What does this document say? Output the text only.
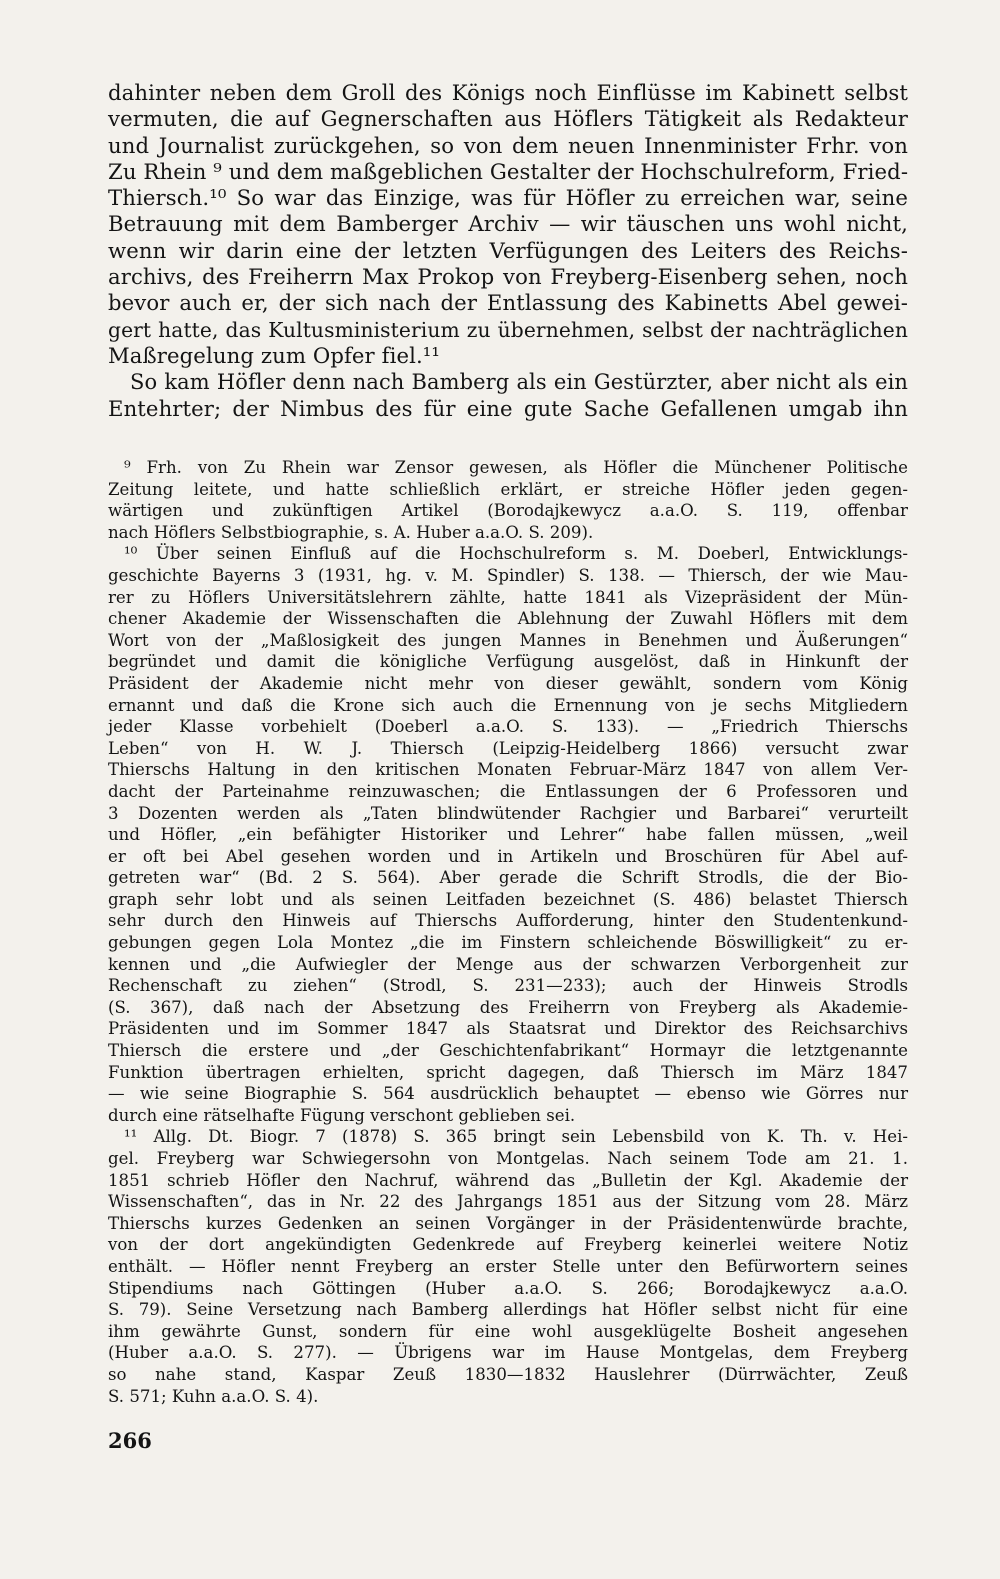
dahinter neben dem Groll des Königs noch Einflüsse im Kabinett selbst
vermuten, die auf Gegnerschaften aus Höflers Tätigkeit als Redakteur
und Journalist zurückgehen, so von dem neuen Innenminister Frhr. von
Zu Rhein ⁹ und dem maßgeblichen Gestalter der Hochschulreform, Fried-
Thiersch.¹⁰ So war das Einzige, was für Höfler zu erreichen war, seine
Betrauung mit dem Bamberger Archiv — wir täuschen uns wohl nicht,
wenn wir darin eine der letzten Verfügungen des Leiters des Reichs-
archivs, des Freiherrn Max Prokop von Freyberg-Eisenberg sehen, noch
bevor auch er, der sich nach der Entlassung des Kabinetts Abel gewei-
gert hatte, das Kultusministerium zu übernehmen, selbst der nachträglichen
Maßregelung zum Opfer fiel.¹¹
So kam Höfler denn nach Bamberg als ein Gestürzter, aber nicht als ein
Entehrter; der Nimbus des für eine gute Sache Gefallenen umgab ihn
⁹ Frh. von Zu Rhein war Zensor gewesen, als Höfler die Münchener Politische
Zeitung leitete, und hatte schließlich erklärt, er streiche Höfler jeden gegen-
wärtigen und zukünftigen Artikel (Borodajkewycz a.a.O. S. 119, offenbar
nach Höflers Selbstbiographie, s. A. Huber a.a.O. S. 209).
¹⁰ Über seinen Einfluß auf die Hochschulreform s. M. Doeberl, Entwicklungs-
geschichte Bayerns 3 (1931, hg. v. M. Spindler) S. 138. — Thiersch, der wie Mau-
rer zu Höflers Universitätslehrern zählte, hatte 1841 als Vizepräsident der Mün-
chener Akademie der Wissenschaften die Ablehnung der Zuwahl Höflers mit dem
Wort von der „Maßlosigkeit des jungen Mannes in Benehmen und Äußerungen“
begründet und damit die königliche Verfügung ausgelöst, daß in Hinkunft der
Präsident der Akademie nicht mehr von dieser gewählt, sondern vom König
ernannt und daß die Krone sich auch die Ernennung von je sechs Mitgliedern
jeder Klasse vorbehielt (Doeberl a.a.O. S. 133). — „Friedrich Thierschs
Leben“ von H. W. J. Thiersch (Leipzig-Heidelberg 1866) versucht zwar
Thierschs Haltung in den kritischen Monaten Februar-März 1847 von allem Ver-
dacht der Parteinahme reinzuwaschen; die Entlassungen der 6 Professoren und
3 Dozenten werden als „Taten blindwütender Rachgier und Barbarei“ verurteilt
und Höfler, „ein befähigter Historiker und Lehrer“ habe fallen müssen, „weil
er oft bei Abel gesehen worden und in Artikeln und Broschüren für Abel auf-
getreten war“ (Bd. 2 S. 564). Aber gerade die Schrift Strodls, die der Bio-
graph sehr lobt und als seinen Leitfaden bezeichnet (S. 486) belastet Thiersch
sehr durch den Hinweis auf Thierschs Aufforderung, hinter den Studentenkund-
gebungen gegen Lola Montez „die im Finstern schleichende Böswilligkeit“ zu er-
kennen und „die Aufwiegler der Menge aus der schwarzen Verborgenheit zur
Rechenschaft zu ziehen“ (Strodl, S. 231—233); auch der Hinweis Strodls
(S. 367), daß nach der Absetzung des Freiherrn von Freyberg als Akademie-
Präsidenten und im Sommer 1847 als Staatsrat und Direktor des Reichsarchivs
Thiersch die erstere und „der Geschichtenfabrikant“ Hormayr die letztgenannte
Funktion übertragen erhielten, spricht dagegen, daß Thiersch im März 1847
— wie seine Biographie S. 564 ausdrücklich behauptet — ebenso wie Görres nur
durch eine rätselhafte Fügung verschont geblieben sei.
¹¹ Allg. Dt. Biogr. 7 (1878) S. 365 bringt sein Lebensbild von K. Th. v. Hei-
gel. Freyberg war Schwiegersohn von Montgelas. Nach seinem Tode am 21. 1.
1851 schrieb Höfler den Nachruf, während das „Bulletin der Kgl. Akademie der
Wissenschaften“, das in Nr. 22 des Jahrgangs 1851 aus der Sitzung vom 28. März
Thierschs kurzes Gedenken an seinen Vorgänger in der Präsidentenwürde brachte,
von der dort angekündigten Gedenkrede auf Freyberg keinerlei weitere Notiz
enthält. — Höfler nennt Freyberg an erster Stelle unter den Befürwortern seines
Stipendiums nach Göttingen (Huber a.a.O. S. 266; Borodajkewycz a.a.O.
S. 79). Seine Versetzung nach Bamberg allerdings hat Höfler selbst nicht für eine
ihm gewährte Gunst, sondern für eine wohl ausgeklügelte Bosheit angesehen
(Huber a.a.O. S. 277). — Übrigens war im Hause Montgelas, dem Freyberg
so nahe stand, Kaspar Zeuß 1830—1832 Hauslehrer (Dürrwächter, Zeuß
S. 571; Kuhn a.a.O. S. 4).
266
